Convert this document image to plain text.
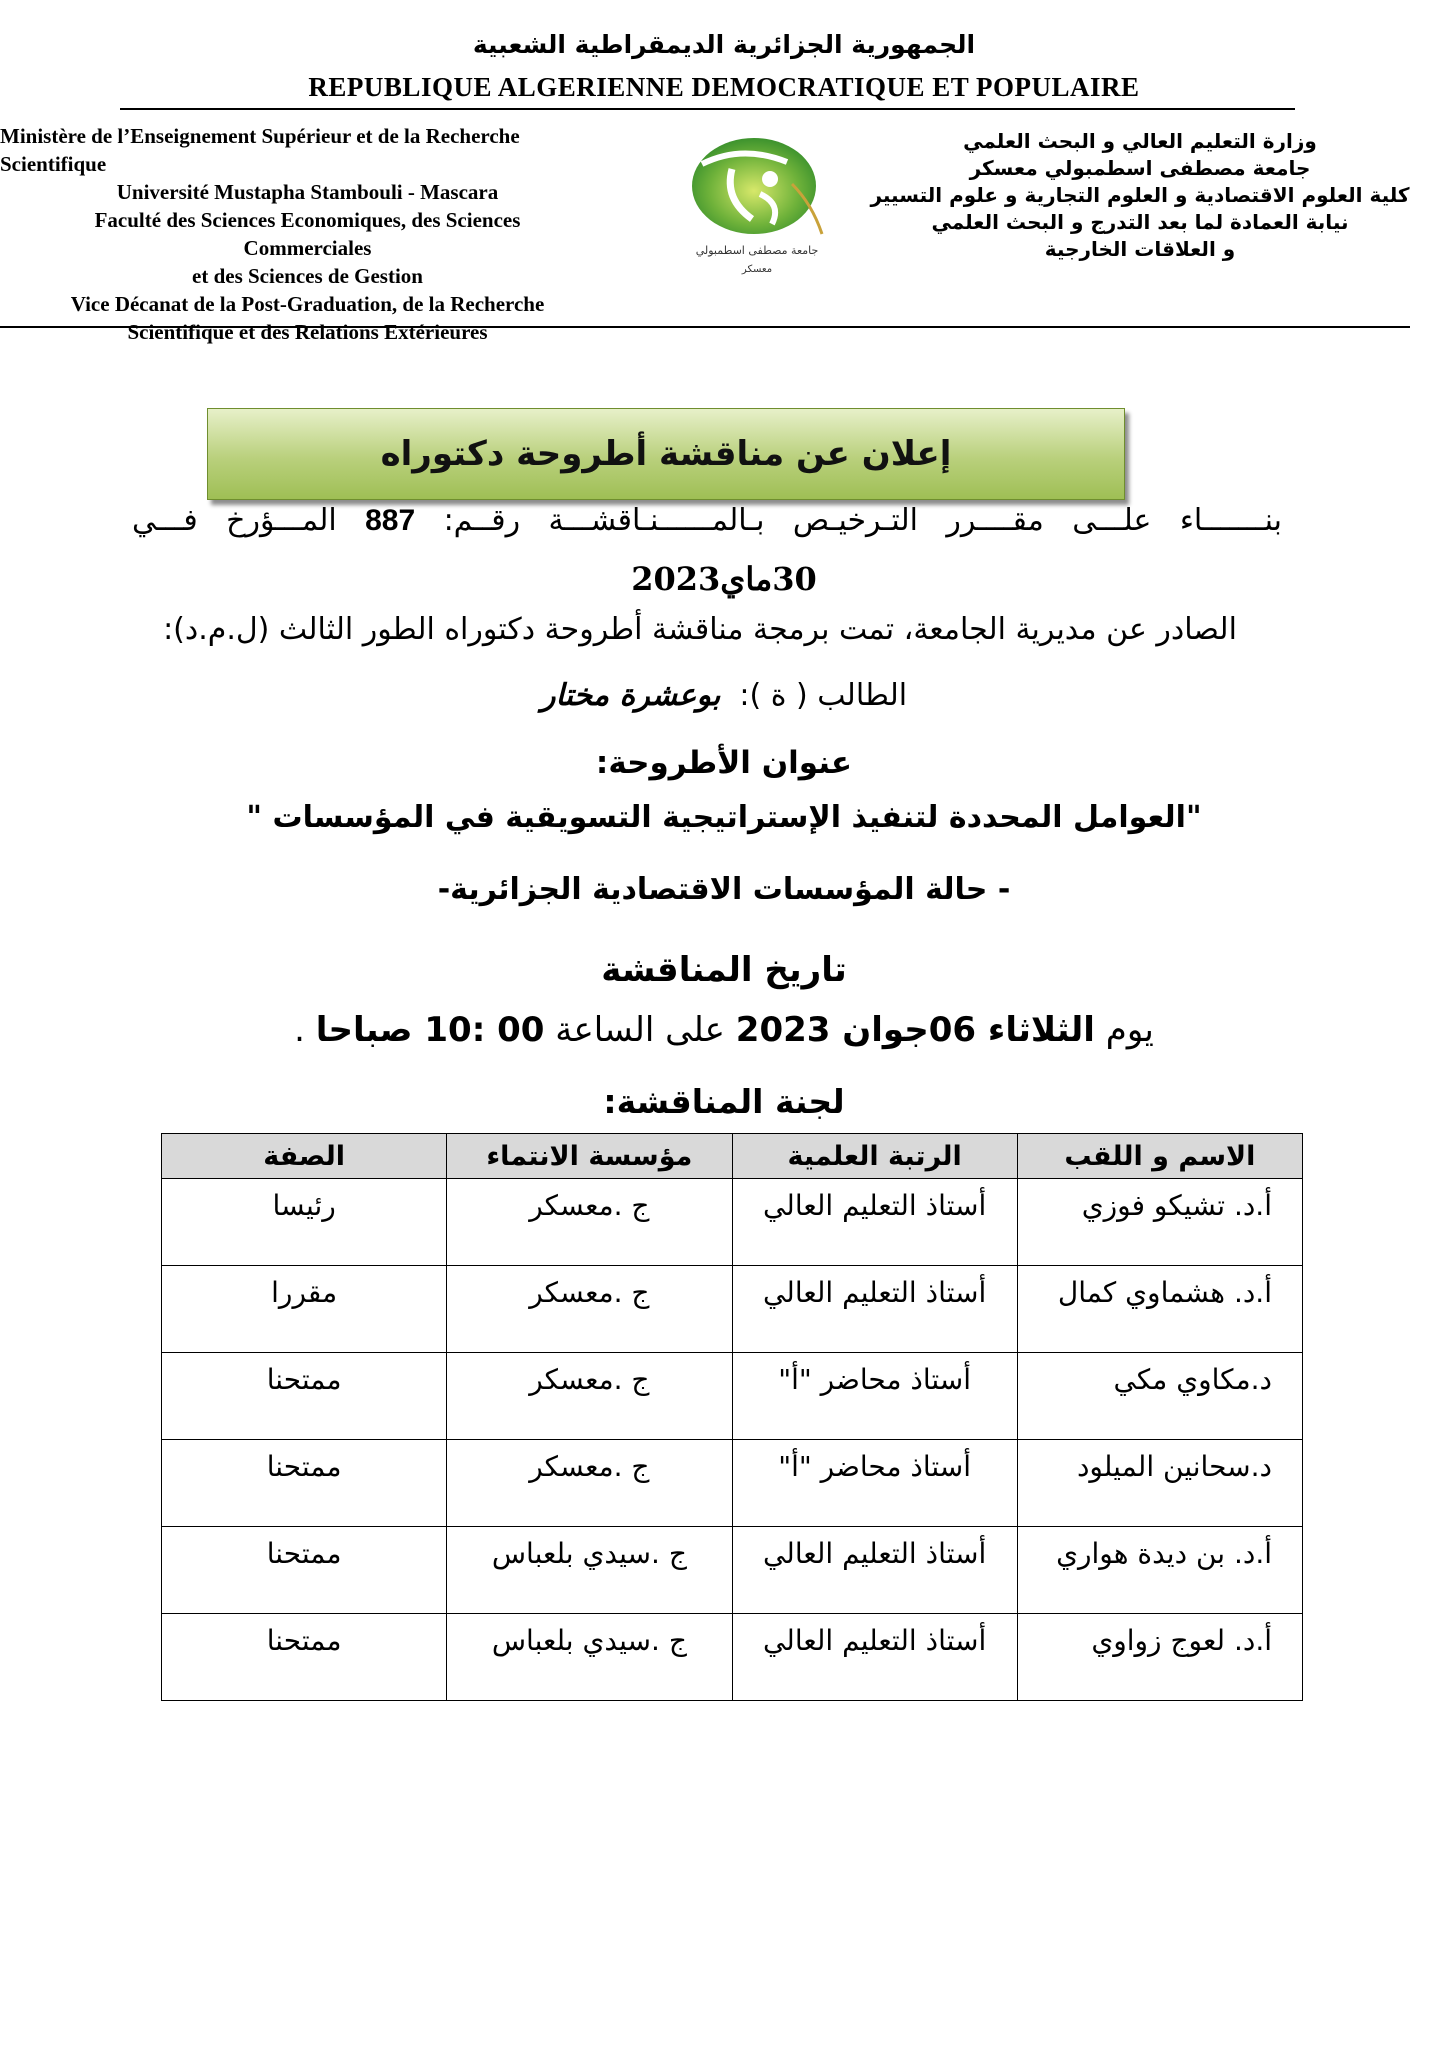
الجمهورية الجزائرية الديمقراطية الشعبية
REPUBLIQUE ALGERIENNE DEMOCRATIQUE ET POPULAIRE
Ministère de l’Enseignement Supérieur et de la Recherche
Scientifique
Université Mustapha Stambouli - Mascara
Faculté des Sciences Economiques, des Sciences
Commerciales
et des Sciences de Gestion
Vice Décanat de la Post-Graduation, de la Recherche
Scientifique et des Relations Extérieures
جامعة مصطفى اسطمبولي
معسكر
وزارة التعليم العالي و البحث العلمي
جامعة مصطفى اسطمبولي معسكر
كلية العلوم الاقتصادية و العلوم التجارية و علوم التسيير
نيابة العمادة لما بعد التدرج و البحث العلمي
و العلاقات الخارجية
إعلان عن مناقشة أطروحة دكتوراه
بنـــــــاء علـــى مقــــرر التـرخيـص بـالمــــــنـاقشـــة رقــم: 887 المـــؤرخ فـــي
30ماي2023
الصادر عن مديرية الجامعة، تمت برمجة مناقشة أطروحة دكتوراه الطور الثالث (ل.م.د):
الطالب ( ة ):  بوعشرة مختار
عنوان الأطروحة:
"العوامل المحددة لتنفيذ الإستراتيجية التسويقية في المؤسسات "
- حالة المؤسسات الاقتصادية الجزائرية-
تاريخ المناقشة
يوم الثلاثاء 06جوان 2023 على الساعة 00 :10 صباحا .
لجنة المناقشة:
الاسم و اللقب	الرتبة العلمية	مؤسسة الانتماء	الصفة
أ.د. تشيكو فوزي	أستاذ التعليم العالي	ج .معسكر	رئيسا
أ.د. هشماوي كمال	أستاذ التعليم العالي	ج .معسكر	مقررا
د.مكاوي مكي	أستاذ محاضر "أ"	ج .معسكر	ممتحنا
د.سحانين الميلود	أستاذ محاضر "أ"	ج .معسكر	ممتحنا
أ.د. بن ديدة هواري	أستاذ التعليم العالي	ج .سيدي بلعباس	ممتحنا
أ.د. لعوج زواوي	أستاذ التعليم العالي	ج .سيدي بلعباس	ممتحنا
